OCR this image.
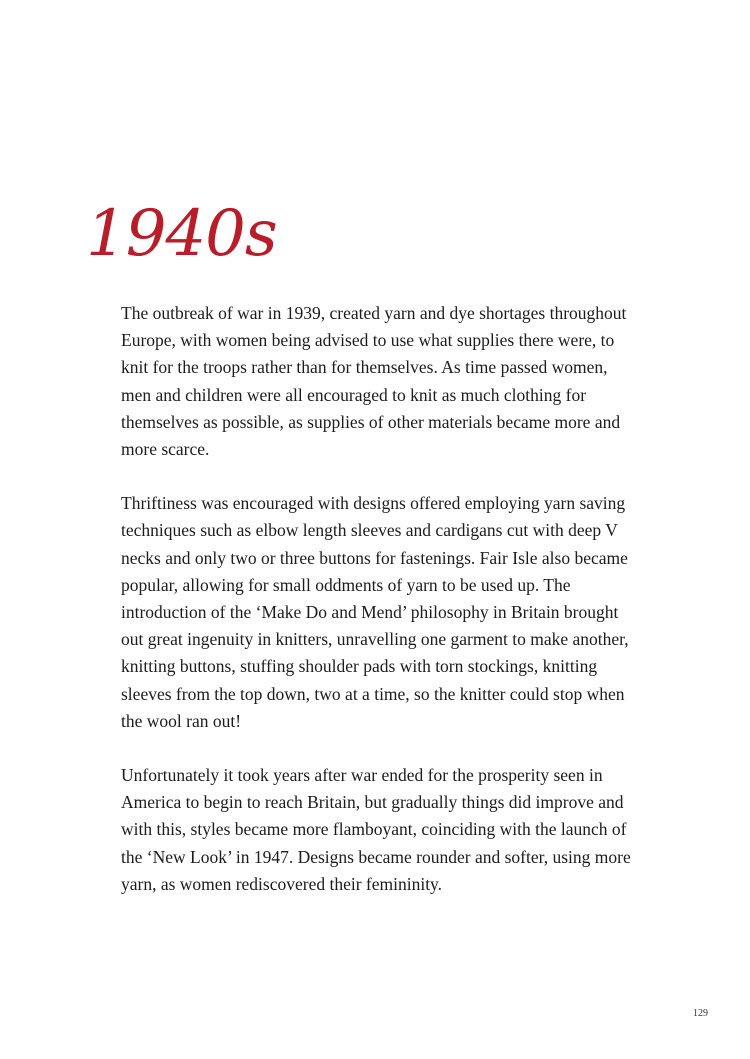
1940s

The outbreak of war in 1939, created yarn and dye shortages throughout Europe, with women being advised to use what supplies there were, to knit for the troops rather than for themselves. As time passed women, men and children were all encouraged to knit as much clothing for themselves as possible, as supplies of other materials became more and more scarce.

Thriftiness was encouraged with designs offered employing yarn saving techniques such as elbow length sleeves and cardigans cut with deep V necks and only two or three buttons for fastenings. Fair Isle also became popular, allowing for small oddments of yarn to be used up. The introduction of the ‘Make Do and Mend’ philosophy in Britain brought out great ingenuity in knitters, unravelling one garment to make another, knitting buttons, stuffing shoulder pads with torn stockings, knitting sleeves from the top down, two at a time, so the knitter could stop when the wool ran out!

Unfortunately it took years after war ended for the prosperity seen in America to begin to reach Britain, but gradually things did improve and with this, styles became more flamboyant, coinciding with the launch of the ‘New Look’ in 1947. Designs became rounder and softer, using more yarn, as women rediscovered their femininity.

129
